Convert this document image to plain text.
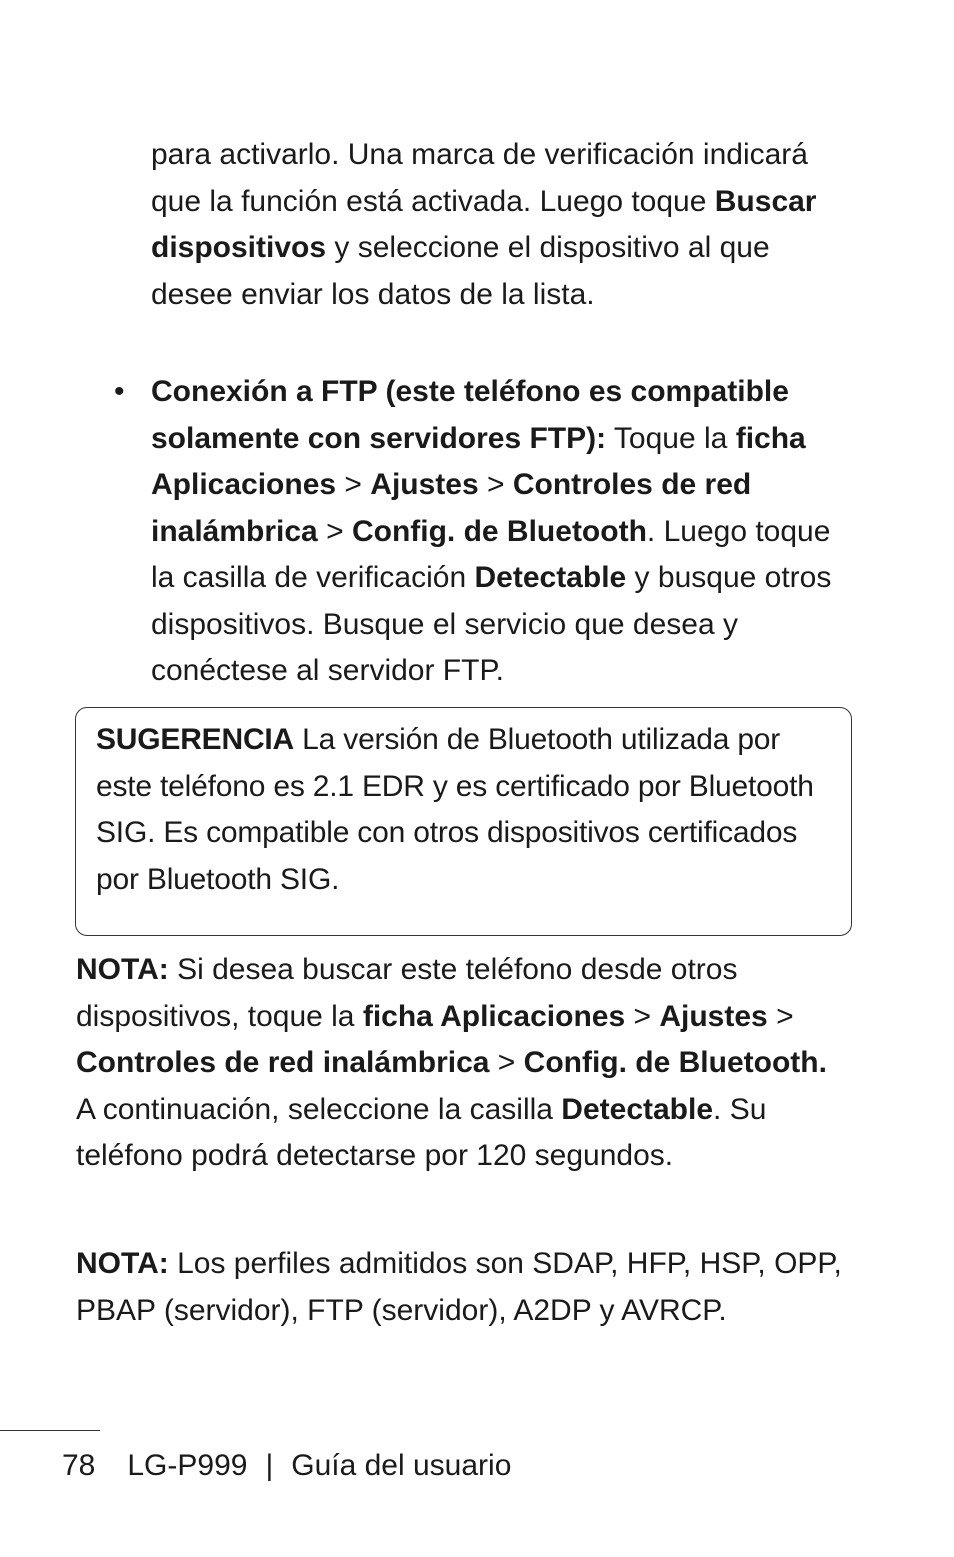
para activarlo. Una marca de verificación indicará que la función está activada. Luego toque Buscar dispositivos y seleccione el dispositivo al que desee enviar los datos de la lista.

• Conexión a FTP (este teléfono es compatible solamente con servidores FTP): Toque la ficha Aplicaciones > Ajustes > Controles de red inalámbrica > Config. de Bluetooth. Luego toque la casilla de verificación Detectable y busque otros dispositivos. Busque el servicio que desea y conéctese al servidor FTP.

SUGERENCIA La versión de Bluetooth utilizada por este teléfono es 2.1 EDR y es certificado por Bluetooth SIG. Es compatible con otros dispositivos certificados por Bluetooth SIG.

NOTA: Si desea buscar este teléfono desde otros dispositivos, toque la ficha Aplicaciones > Ajustes > Controles de red inalámbrica > Config. de Bluetooth. A continuación, seleccione la casilla Detectable. Su teléfono podrá detectarse por 120 segundos.

NOTA: Los perfiles admitidos son SDAP, HFP, HSP, OPP, PBAP (servidor), FTP (servidor), A2DP y AVRCP.

78 LG-P999 | Guía del usuario
